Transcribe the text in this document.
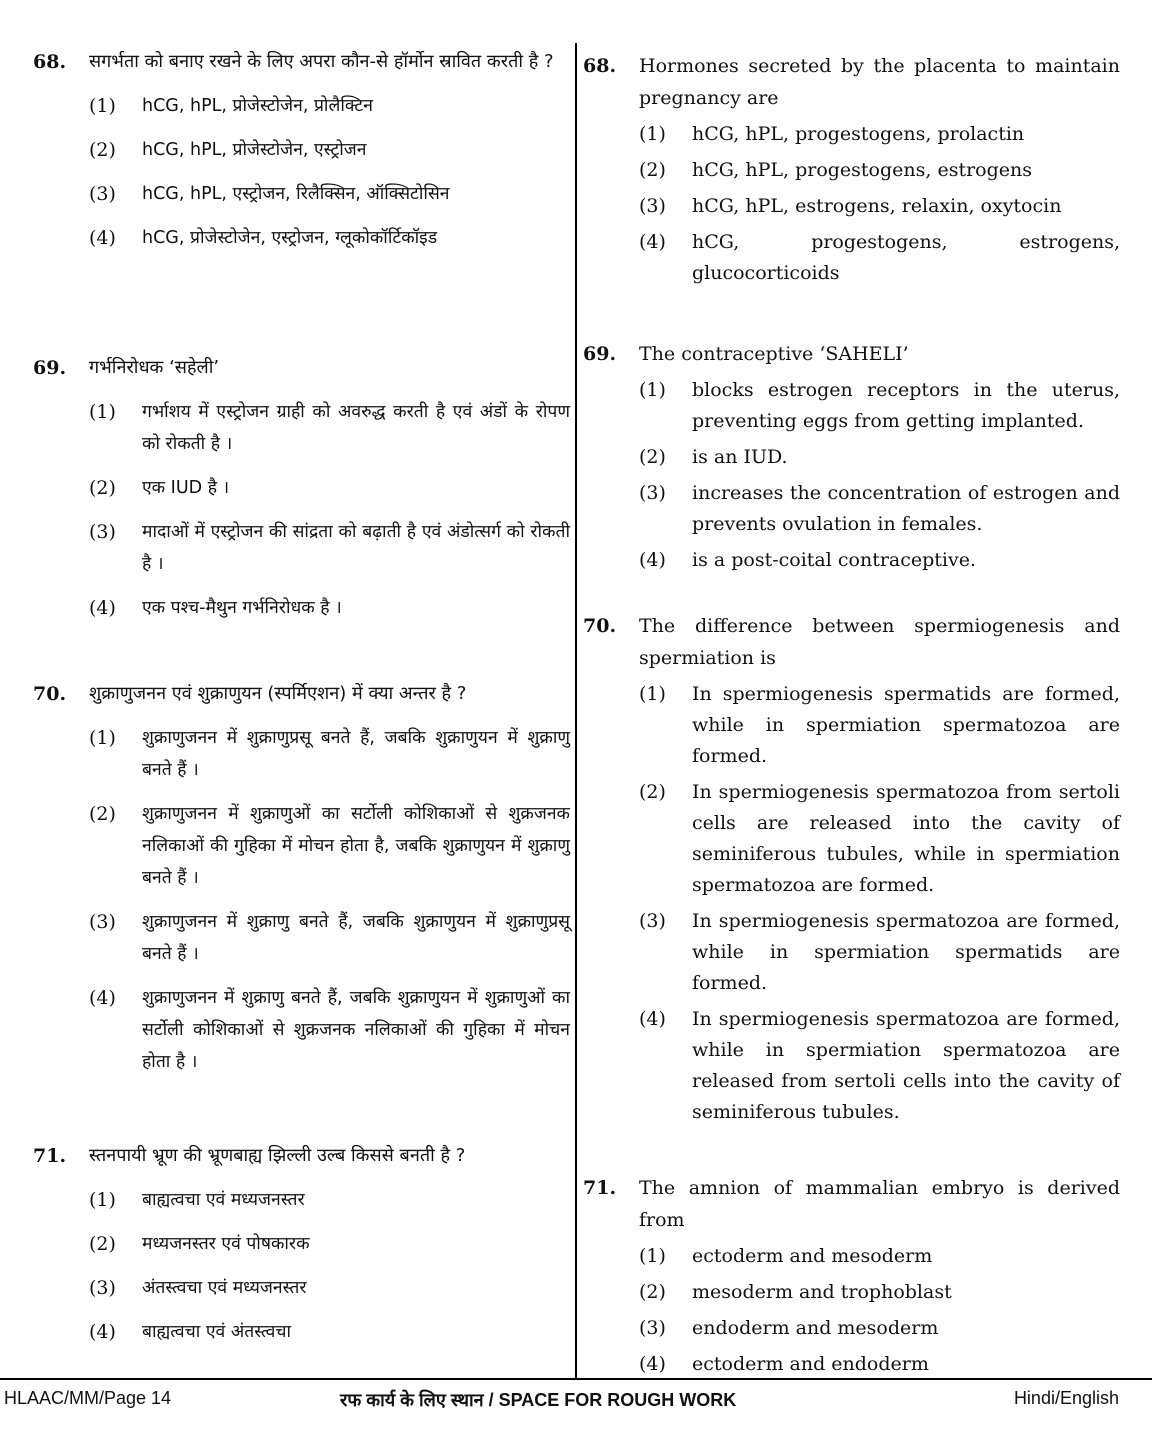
68.	सगर्भता को बनाए रखने के लिए अपरा कौन-से हॉर्मोन स्रावित करती है ?
(1)	hCG, hPL, प्रोजेस्टोजेन, प्रोलैक्टिन
(2)	hCG, hPL, प्रोजेस्टोजेन, एस्ट्रोजन
(3)	hCG, hPL, एस्ट्रोजन, रिलैक्सिन, ऑक्सिटोसिन
(4)	hCG, प्रोजेस्टोजेन, एस्ट्रोजन, ग्लूकोकॉर्टिकॉइड
69.	गर्भनिरोधक ‘सहेली’
(1)	गर्भाशय में एस्ट्रोजन ग्राही को अवरुद्ध करती है एवं अंडों के रोपण को रोकती है ।
(2)	एक IUD है ।
(3)	मादाओं में एस्ट्रोजन की सांद्रता को बढ़ाती है एवं अंडोत्सर्ग को रोकती है ।
(4)	एक पश्च-मैथुन गर्भनिरोधक है ।
70.	शुक्राणुजनन एवं शुक्राणुयन (स्पर्मिएशन) में क्या अन्तर है ?
(1)	शुक्राणुजनन में शुक्राणुप्रसू बनते हैं, जबकि शुक्राणुयन में शुक्राणु बनते हैं ।
(2)	शुक्राणुजनन में शुक्राणुओं का सर्टोली कोशिकाओं से शुक्रजनक नलिकाओं की गुहिका में मोचन होता है, जबकि शुक्राणुयन में शुक्राणु बनते हैं ।
(3)	शुक्राणुजनन में शुक्राणु बनते हैं, जबकि शुक्राणुयन में शुक्राणुप्रसू बनते हैं ।
(4)	शुक्राणुजनन में शुक्राणु बनते हैं, जबकि शुक्राणुयन में शुक्राणुओं का सर्टोली कोशिकाओं से शुक्रजनक नलिकाओं की गुहिका में मोचन होता है ।
71.	स्तनपायी भ्रूण की भ्रूणबाह्य झिल्ली उल्ब किससे बनती है ?
(1)	बाह्यत्वचा एवं मध्यजनस्तर
(2)	मध्यजनस्तर एवं पोषकारक
(3)	अंतस्त्वचा एवं मध्यजनस्तर
(4)	बाह्यत्वचा एवं अंतस्त्वचा
68.	Hormones secreted by the placenta to maintain pregnancy are
(1)	hCG, hPL, progestogens, prolactin
(2)	hCG, hPL, progestogens, estrogens
(3)	hCG, hPL, estrogens, relaxin, oxytocin
(4)	hCG, progestogens, estrogens, glucocorticoids
69.	The contraceptive ‘SAHELI’
(1)	blocks estrogen receptors in the uterus, preventing eggs from getting implanted.
(2)	is an IUD.
(3)	increases the concentration of estrogen and prevents ovulation in females.
(4)	is a post-coital contraceptive.
70.	The difference between spermiogenesis and spermiation is
(1)	In spermiogenesis spermatids are formed, while in spermiation spermatozoa are formed.
(2)	In spermiogenesis spermatozoa from sertoli cells are released into the cavity of seminiferous tubules, while in spermiation spermatozoa are formed.
(3)	In spermiogenesis spermatozoa are formed, while in spermiation spermatids are formed.
(4)	In spermiogenesis spermatozoa are formed, while in spermiation spermatozoa are released from sertoli cells into the cavity of seminiferous tubules.
71.	The amnion of mammalian embryo is derived from
(1)	ectoderm and mesoderm
(2)	mesoderm and trophoblast
(3)	endoderm and mesoderm
(4)	ectoderm and endoderm
HLAAC/MM/Page 14	रफ कार्य के लिए स्थान / SPACE FOR ROUGH WORK	Hindi/English
